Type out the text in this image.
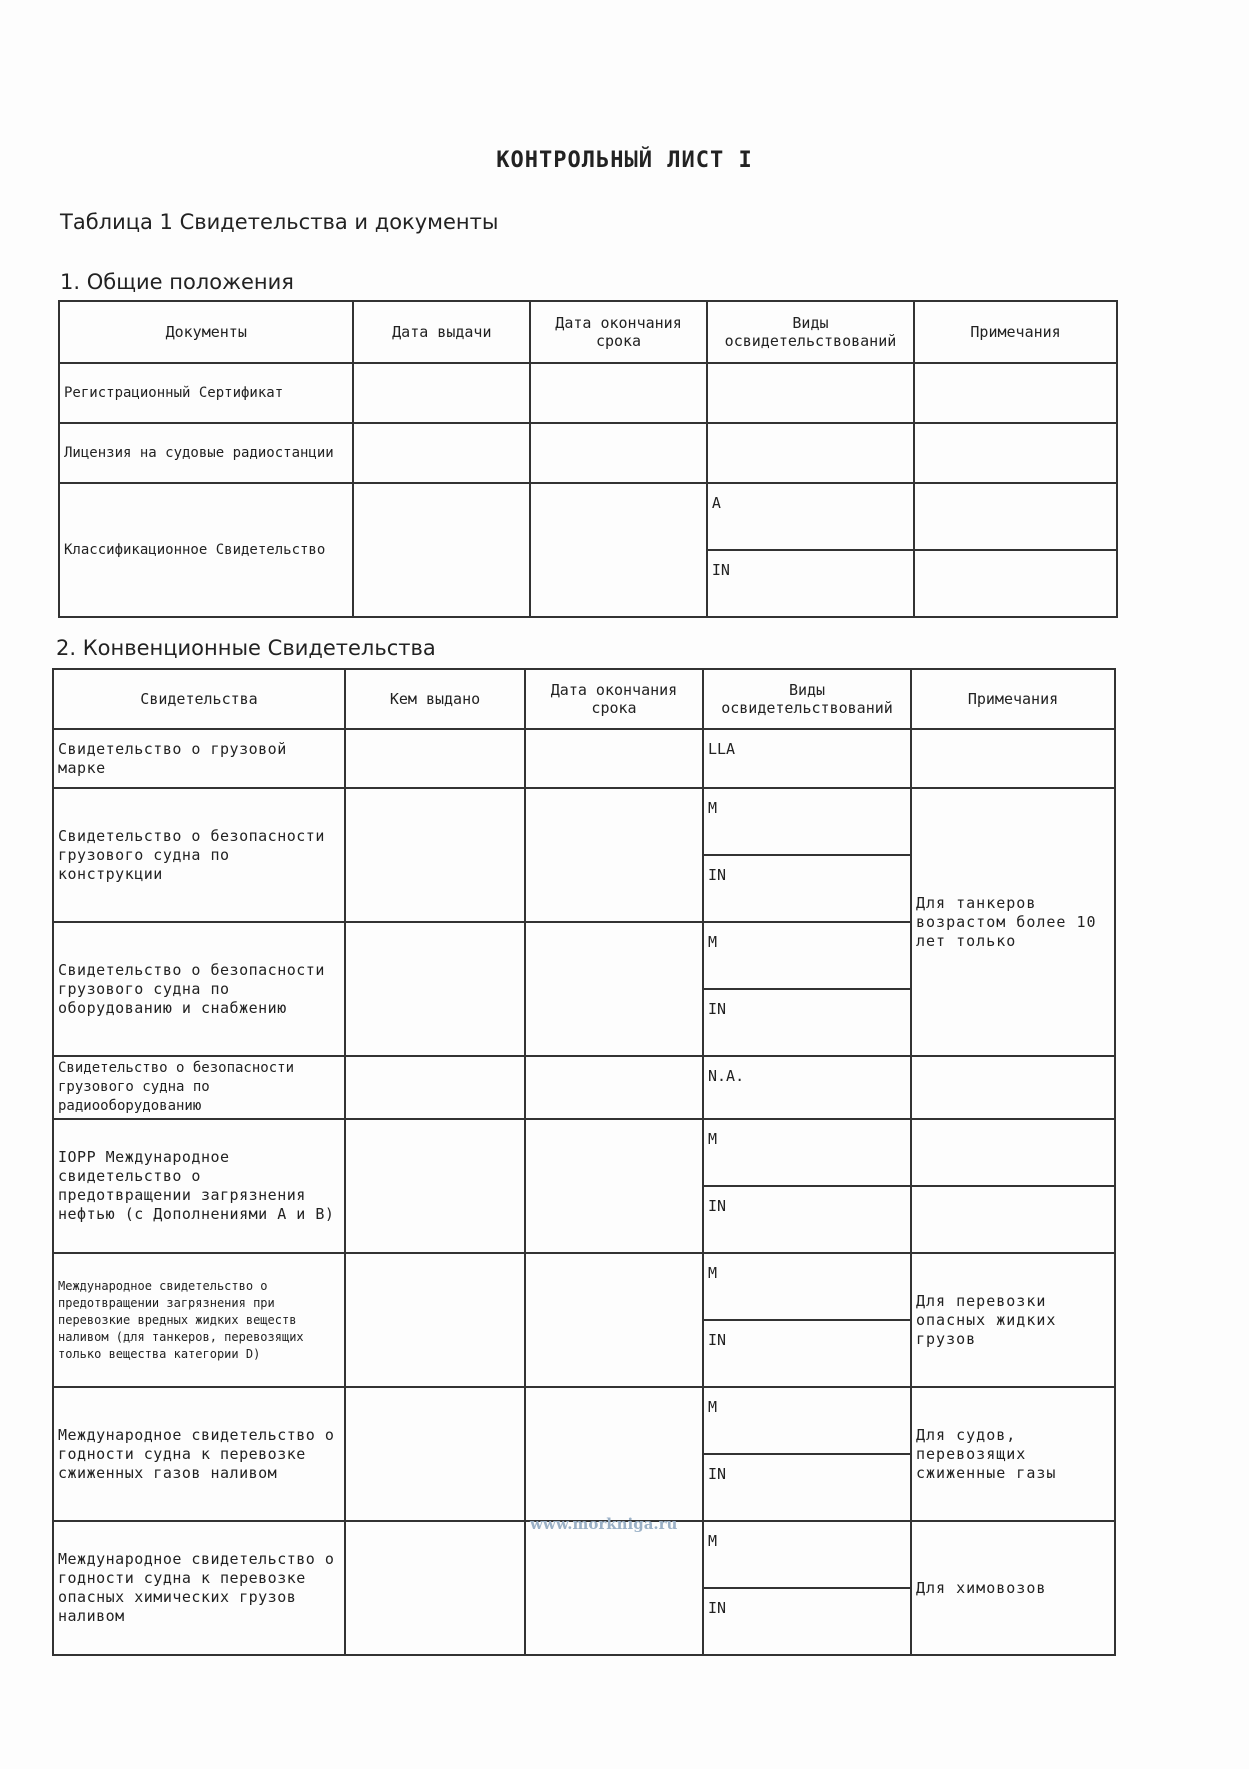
КОНТРОЛЬНЫЙ ЛИСТ I
Таблица 1 Свидетельства и документы
1. Общие положения
Документы	Дата выдачи	Дата окончания срока	Виды освидетельствований	Примечания
Регистрационный Сертификат				
Лицензия на судовые радиостанции				
Классификационное Свидетельство			A	
			IN	
2. Конвенционные Свидетельства
Свидетельства	Кем выдано	Дата окончания срока	Виды освидетельствований	Примечания
Свидетельство о грузовой марке			LLA	
Свидетельство о безопасности грузового судна по конструкции			M	Для танкеров возрастом более 10 лет только
			IN	
Свидетельство о безопасности грузового судна по оборудованию и снабжению			M	
			IN	
Свидетельство о безопасности грузового судна по радиооборудованию			N.A.	
IOPP Международное свидетельство о предотвращении загрязнения нефтью (с Дополнениями А и В)			M	
			IN	
Международное свидетельство о предотвращении загрязнения при перевозкие вредных жидких веществ наливом (для танкеров, перевозящих только вещества категории D)			M	Для перевозки опасных жидких грузов
			IN	
Международное свидетельство о годности судна к перевозке сжиженных газов наливом			M	Для судов, перевозящих сжиженные газы
			IN	
Международное свидетельство о годности судна к перевозке опасных химических грузов наливом			M	Для химовозов
			IN	
www.morkniga.ru
